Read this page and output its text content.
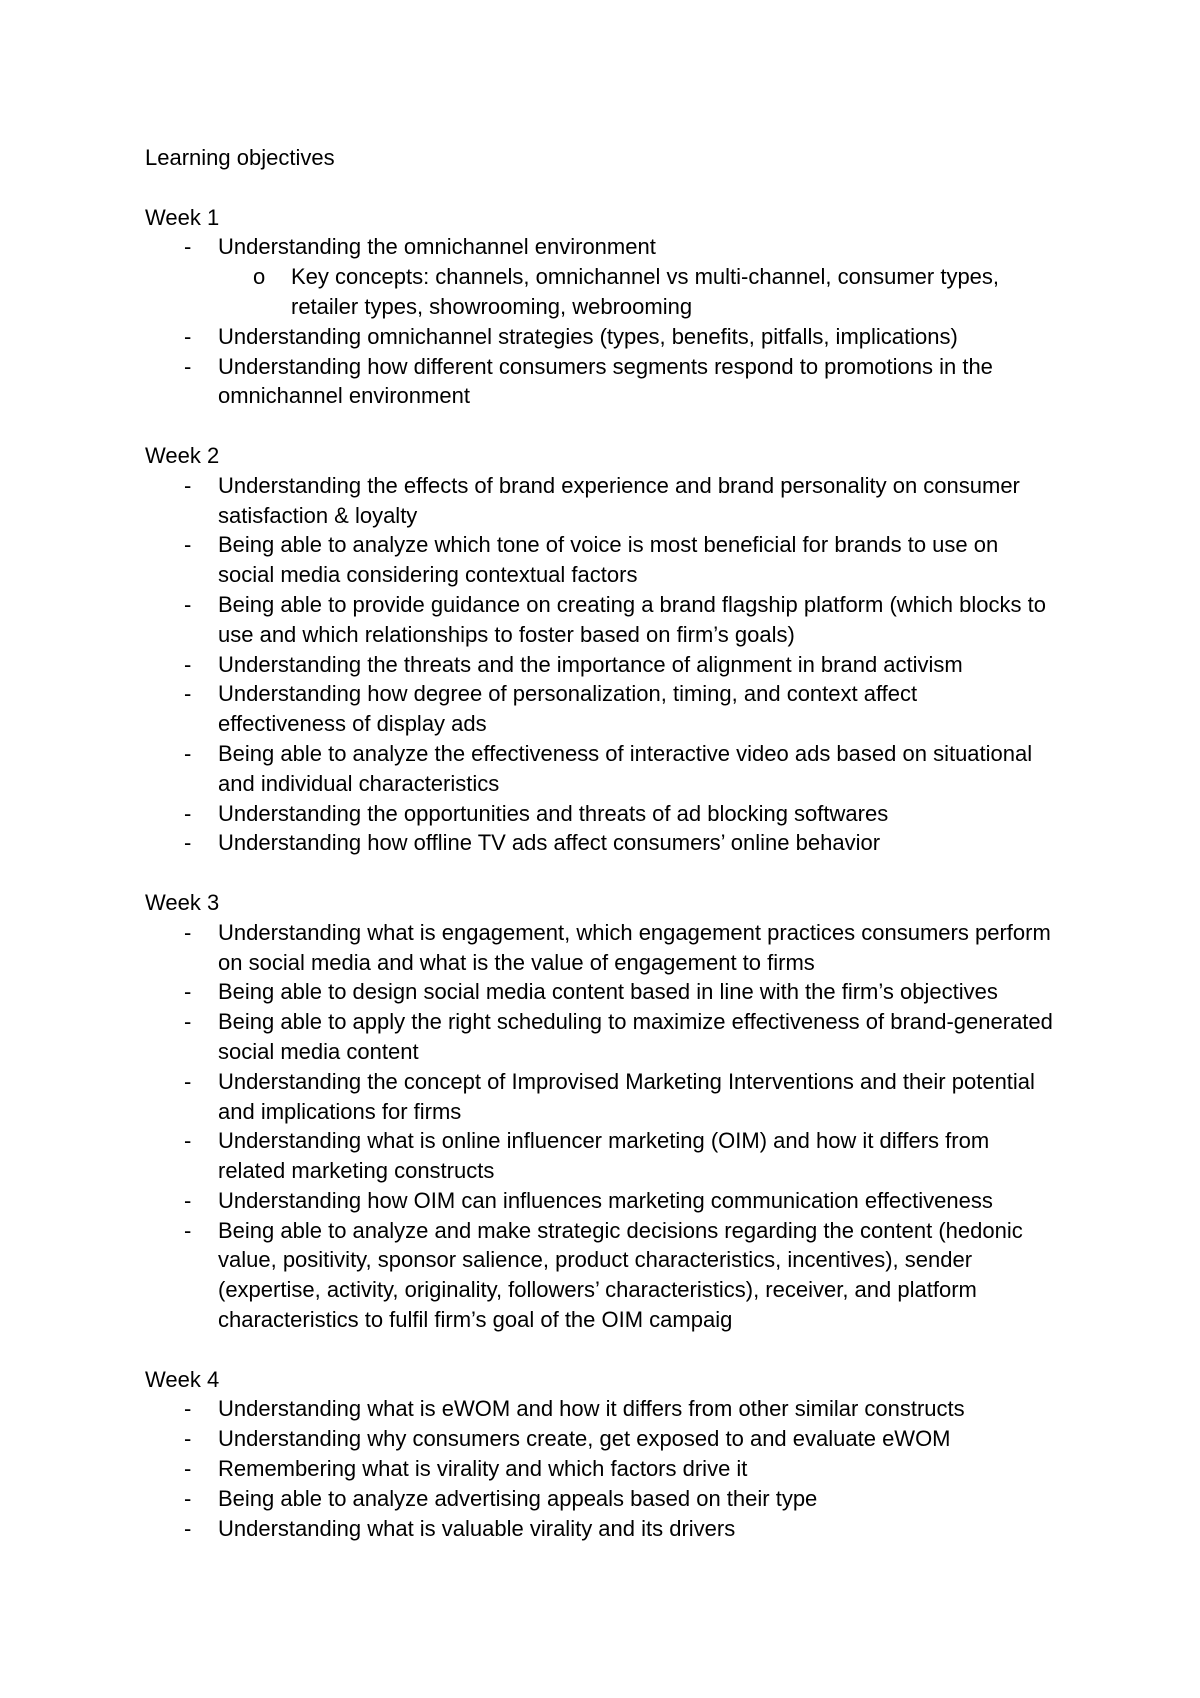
Learning objectives
Week 1
- Understanding the omnichannel environment
o Key concepts: channels, omnichannel vs multi-channel, consumer types,
retailer types, showrooming, webrooming
- Understanding omnichannel strategies (types, benefits, pitfalls, implications)
- Understanding how different consumers segments respond to promotions in the
omnichannel environment
Week 2
- Understanding the effects of brand experience and brand personality on consumer
satisfaction & loyalty
- Being able to analyze which tone of voice is most beneficial for brands to use on
social media considering contextual factors
- Being able to provide guidance on creating a brand flagship platform (which blocks to
use and which relationships to foster based on firm’s goals)
- Understanding the threats and the importance of alignment in brand activism
- Understanding how degree of personalization, timing, and context affect
effectiveness of display ads
- Being able to analyze the effectiveness of interactive video ads based on situational
and individual characteristics
- Understanding the opportunities and threats of ad blocking softwares
- Understanding how offline TV ads affect consumers’ online behavior
Week 3
- Understanding what is engagement, which engagement practices consumers perform
on social media and what is the value of engagement to firms
- Being able to design social media content based in line with the firm’s objectives
- Being able to apply the right scheduling to maximize effectiveness of brand-generated
social media content
- Understanding the concept of Improvised Marketing Interventions and their potential
and implications for firms
- Understanding what is online influencer marketing (OIM) and how it differs from
related marketing constructs
- Understanding how OIM can influences marketing communication effectiveness
- Being able to analyze and make strategic decisions regarding the content (hedonic
value, positivity, sponsor salience, product characteristics, incentives), sender
(expertise, activity, originality, followers’ characteristics), receiver, and platform
characteristics to fulfil firm’s goal of the OIM campaig
Week 4
- Understanding what is eWOM and how it differs from other similar constructs
- Understanding why consumers create, get exposed to and evaluate eWOM
- Remembering what is virality and which factors drive it
- Being able to analyze advertising appeals based on their type
- Understanding what is valuable virality and its drivers
